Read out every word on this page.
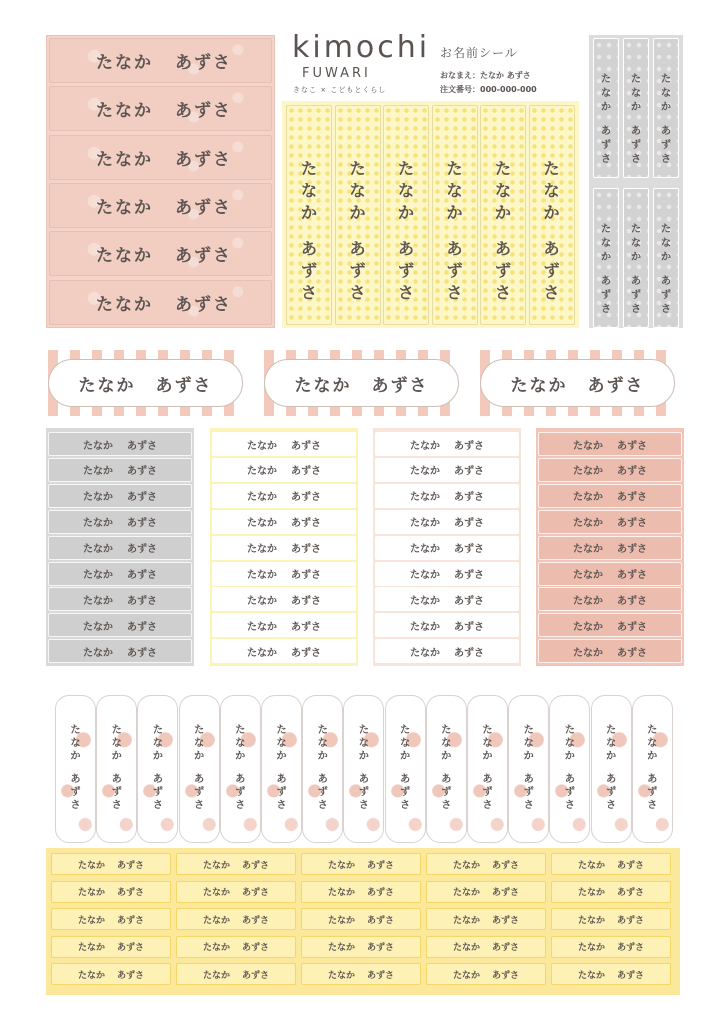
たなか あずさ
たなか あずさ
たなか あずさ
たなか あずさ
たなか あずさ
たなか あずさ
kimochi
FUWARI
きなこ × こどもとくらし
お名前シール
おなまえ：たなか あずさ
注文番号：000-000-000
た
な
か
あ
ず
さ
た
な
か
あ
ず
さ
た
な
か
あ
ず
さ
た
な
か
あ
ず
さ
た
な
か
あ
ず
さ
た
な
か
あ
ず
さ
た
な
か
あ
ず
さ
た
な
か
あ
ず
さ
た
な
か
あ
ず
さ
た
な
か
あ
ず
さ
た
な
か
あ
ず
さ
た
な
か
あ
ず
さ
たなか あずさ	たなか あずさ	たなか あずさ
たなか あずさ
たなか あずさ
たなか あずさ
たなか あずさ
たなか あずさ
たなか あずさ
たなか あずさ
たなか あずさ
たなか あずさ
たなか あずさ
たなか あずさ
たなか あずさ
たなか あずさ
たなか あずさ
たなか あずさ
たなか あずさ
たなか あずさ
たなか あずさ
たなか あずさ
たなか あずさ
たなか あずさ
たなか あずさ
たなか あずさ
たなか あずさ
たなか あずさ
たなか あずさ
たなか あずさ
たなか あずさ
たなか あずさ
たなか あずさ
たなか あずさ
たなか あずさ
たなか あずさ
たなか あずさ
たなか あずさ
たなか あずさ
た
な
か
あ
ず
さ
た
な
か
あ
ず
さ
た
な
か
あ
ず
さ
た
な
か
あ
ず
さ
た
な
か
あ
ず
さ
た
な
か
あ
ず
さ
た
な
か
あ
ず
さ
た
な
か
あ
ず
さ
た
な
か
あ
ず
さ
た
な
か
あ
ず
さ
た
な
か
あ
ず
さ
た
な
か
あ
ず
さ
た
な
か
あ
ず
さ
た
な
か
あ
ず
さ
た
な
か
あ
ず
さ
たなか あずさ	たなか あずさ	たなか あずさ	たなか あずさ	たなか あずさ
たなか あずさ	たなか あずさ	たなか あずさ	たなか あずさ	たなか あずさ
たなか あずさ	たなか あずさ	たなか あずさ	たなか あずさ	たなか あずさ
たなか あずさ	たなか あずさ	たなか あずさ	たなか あずさ	たなか あずさ
たなか あずさ	たなか あずさ	たなか あずさ	たなか あずさ	たなか あずさ
